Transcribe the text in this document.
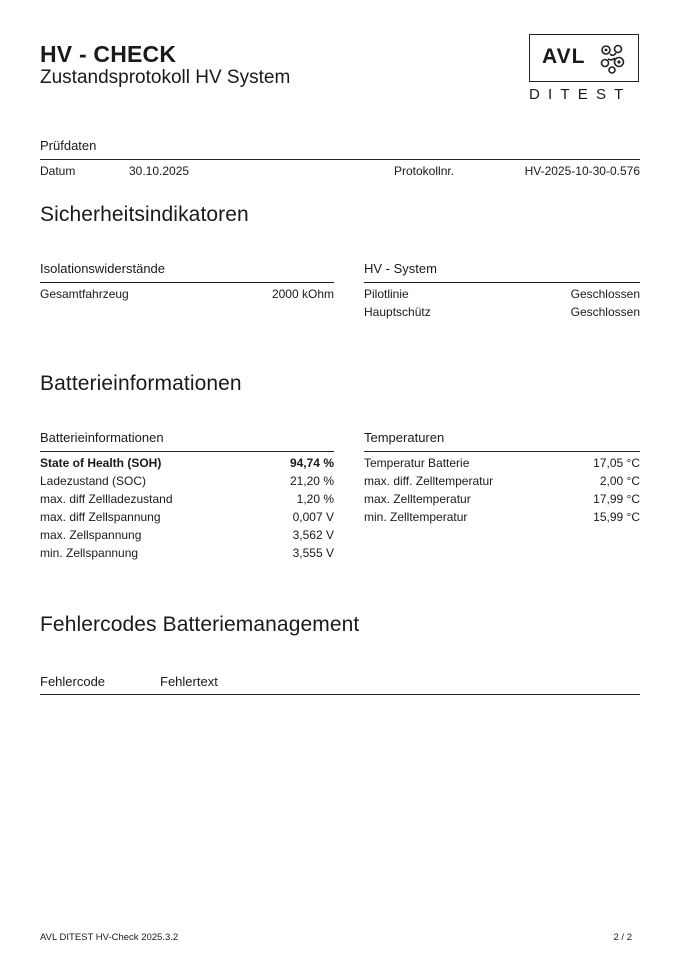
HV - CHECK
Zustandsprotokoll HV System
AVL
DITEST
Prüfdaten
Datum	30.10.2025	Protokollnr.	HV-2025-10-30-0.576
Sicherheitsindikatoren
Isolationswiderstände
Gesamtfahrzeug	2000 kOhm
HV - System
Pilotlinie	Geschlossen
Hauptschütz	Geschlossen
Batterieinformationen
Batterieinformationen
State of Health (SOH)	94,74 %
Ladezustand (SOC)	21,20 %
max. diff Zellladezustand	1,20 %
max. diff Zellspannung	0,007 V
max. Zellspannung	3,562 V
min. Zellspannung	3,555 V
Temperaturen
Temperatur Batterie	17,05 °C
max. diff. Zelltemperatur	2,00 °C
max. Zelltemperatur	17,99 °C
min. Zelltemperatur	15,99 °C
Fehlercodes Batteriemanagement
Fehlercode	Fehlertext
AVL DITEST HV-Check 2025.3.2	2 / 2
